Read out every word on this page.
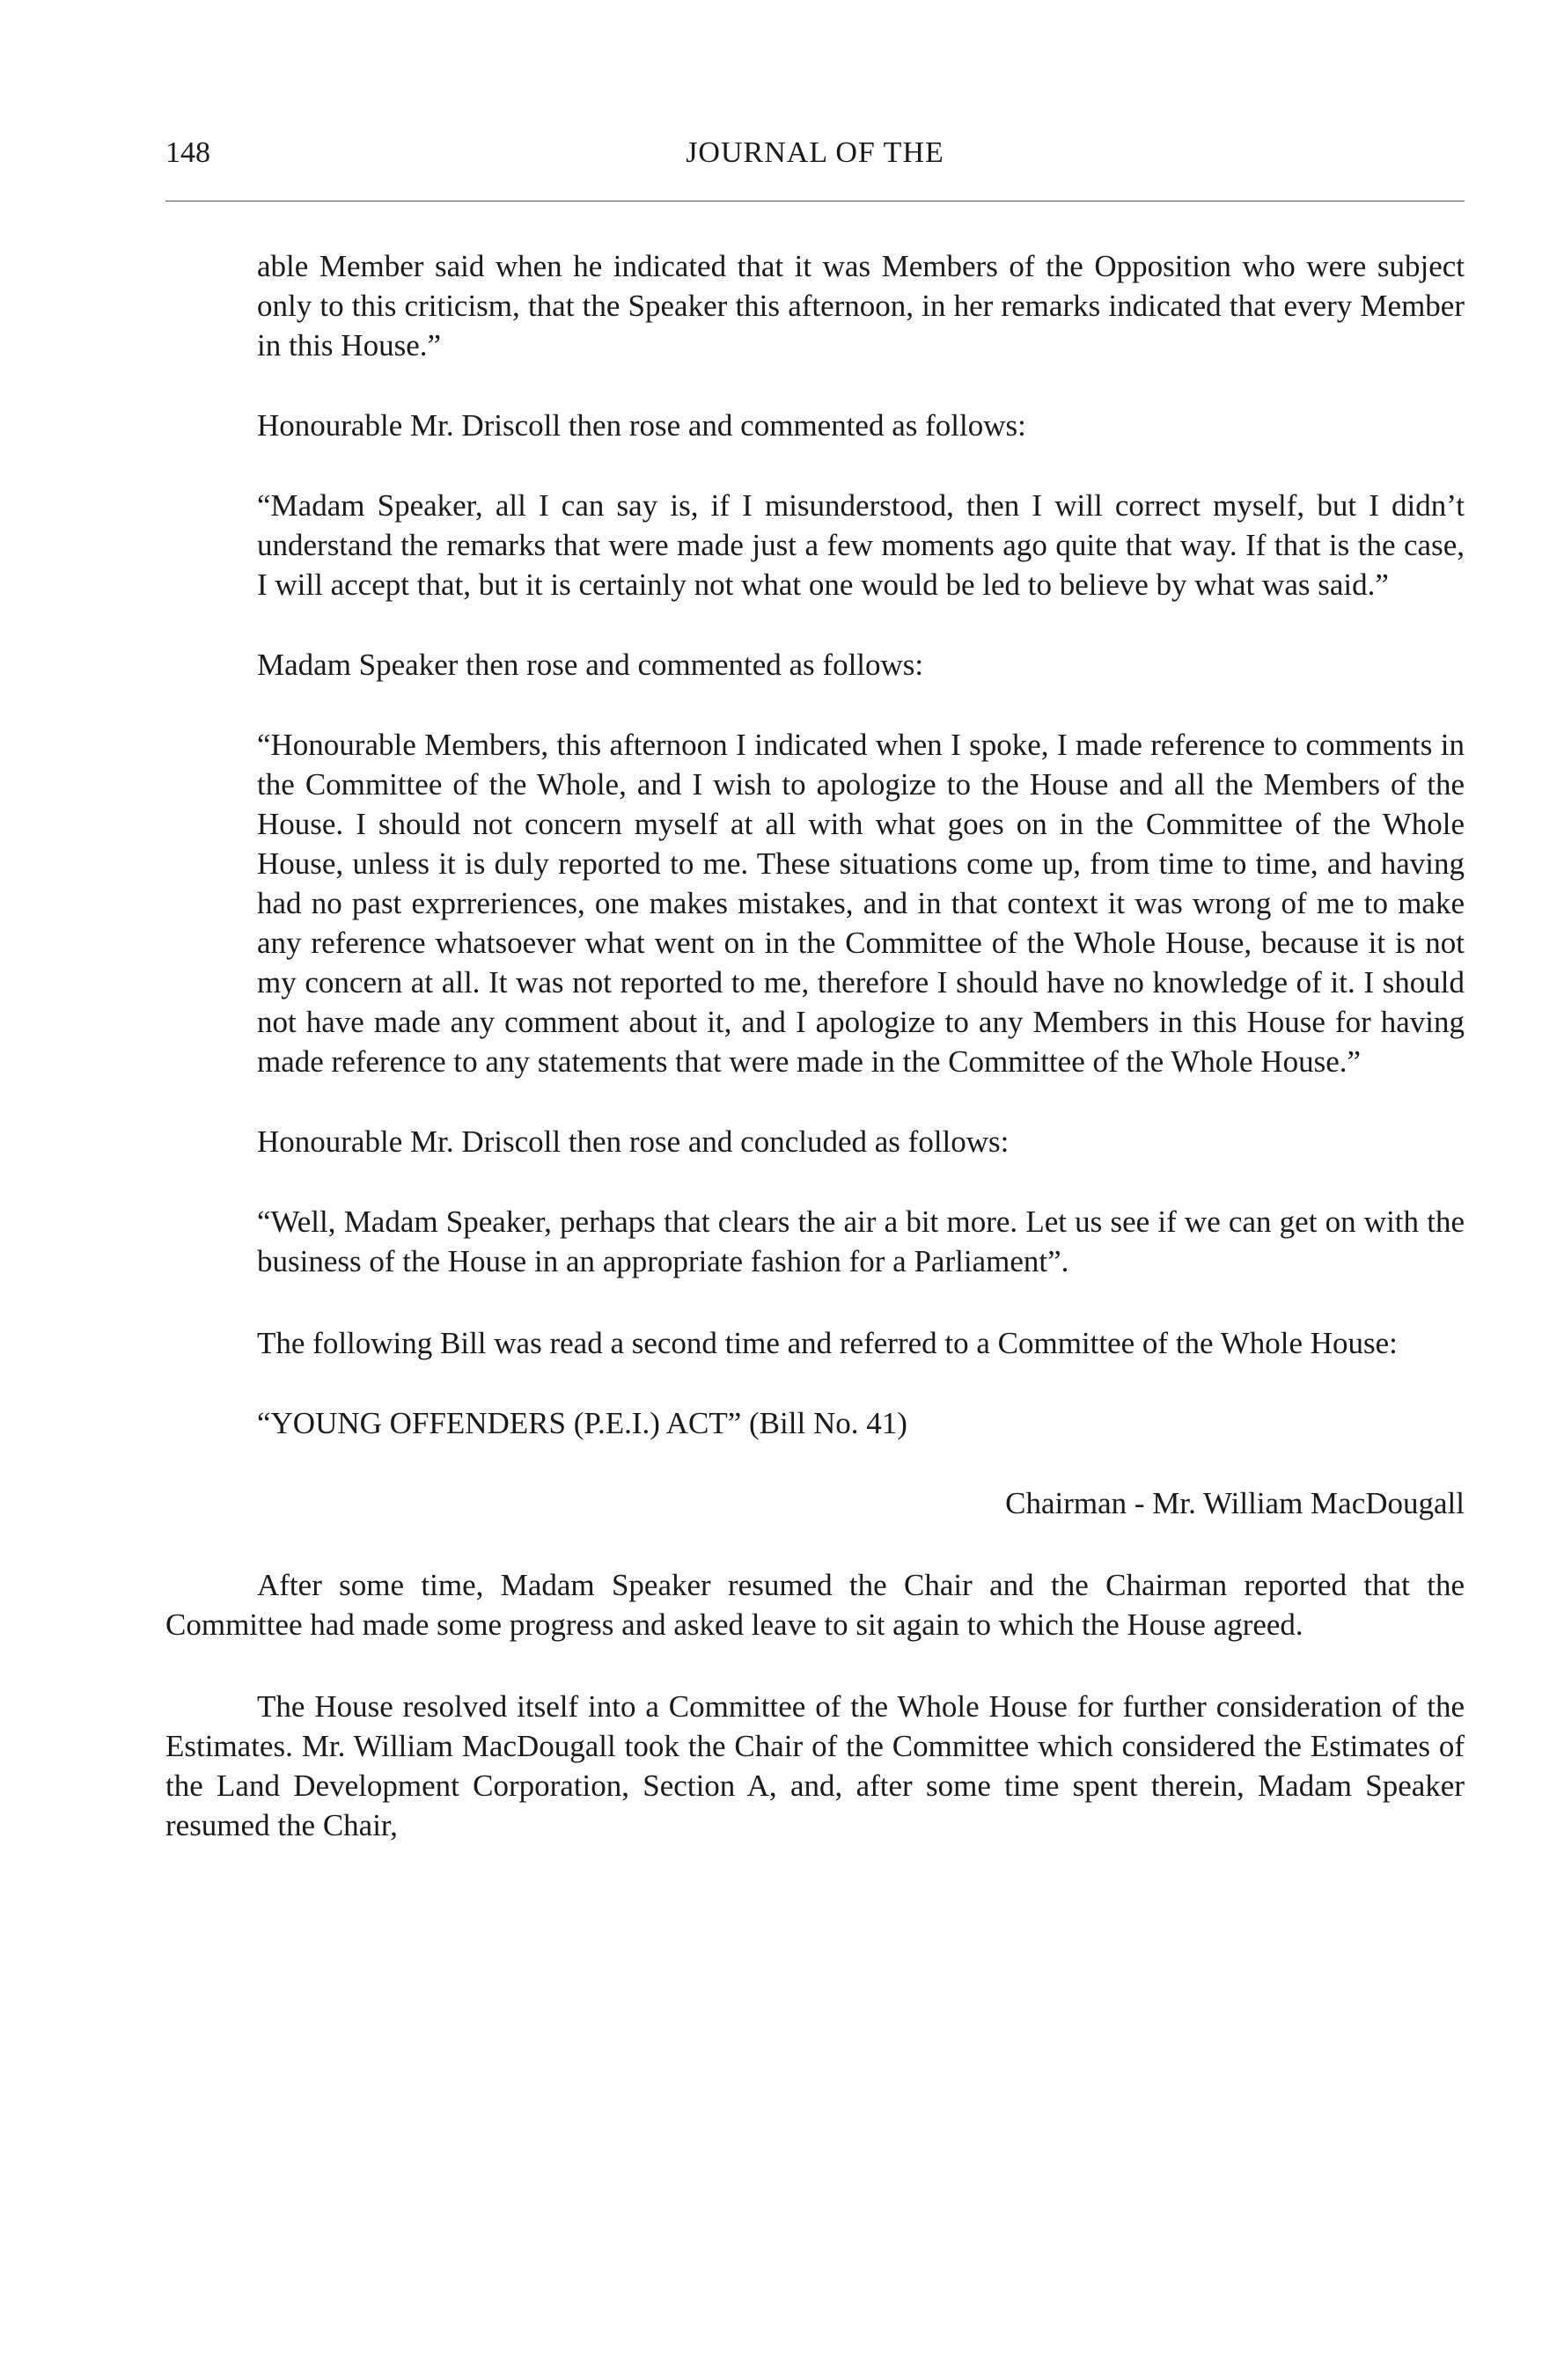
148	JOURNAL OF THE

able Member said when he indicated that it was Members of the Opposition who were subject only to this criticism, that the Speaker this afternoon, in her remarks indicated that every Member in this House.”

Honourable Mr. Driscoll then rose and commented as follows:

“Madam Speaker, all I can say is, if I misunderstood, then I will correct myself, but I didn’t understand the remarks that were made just a few moments ago quite that way. If that is the case, I will accept that, but it is certainly not what one would be led to believe by what was said.”

Madam Speaker then rose and commented as follows:

“Honourable Members, this afternoon I indicated when I spoke, I made reference to comments in the Committee of the Whole, and I wish to apologize to the House and all the Members of the House. I should not concern myself at all with what goes on in the Committee of the Whole House, unless it is duly reported to me. These situations come up, from time to time, and having had no past exprreriences, one makes mistakes, and in that context it was wrong of me to make any reference whatsoever what went on in the Committee of the Whole House, because it is not my concern at all. It was not reported to me, therefore I should have no knowledge of it. I should not have made any comment about it, and I apologize to any Members in this House for having made reference to any statements that were made in the Committee of the Whole House.”

Honourable Mr. Driscoll then rose and concluded as follows:

“Well, Madam Speaker, perhaps that clears the air a bit more. Let us see if we can get on with the business of the House in an appropriate fashion for a Parliament”.

The following Bill was read a second time and referred to a Committee of the Whole House:

“YOUNG OFFENDERS (P.E.I.) ACT” (Bill No. 41)

Chairman - Mr. William MacDougall

After some time, Madam Speaker resumed the Chair and the Chairman reported that the Committee had made some progress and asked leave to sit again to which the House agreed.

The House resolved itself into a Committee of the Whole House for further consideration of the Estimates. Mr. William MacDougall took the Chair of the Committee which considered the Estimates of the Land Development Corporation, Section A, and, after some time spent therein, Madam Speaker resumed the Chair,
